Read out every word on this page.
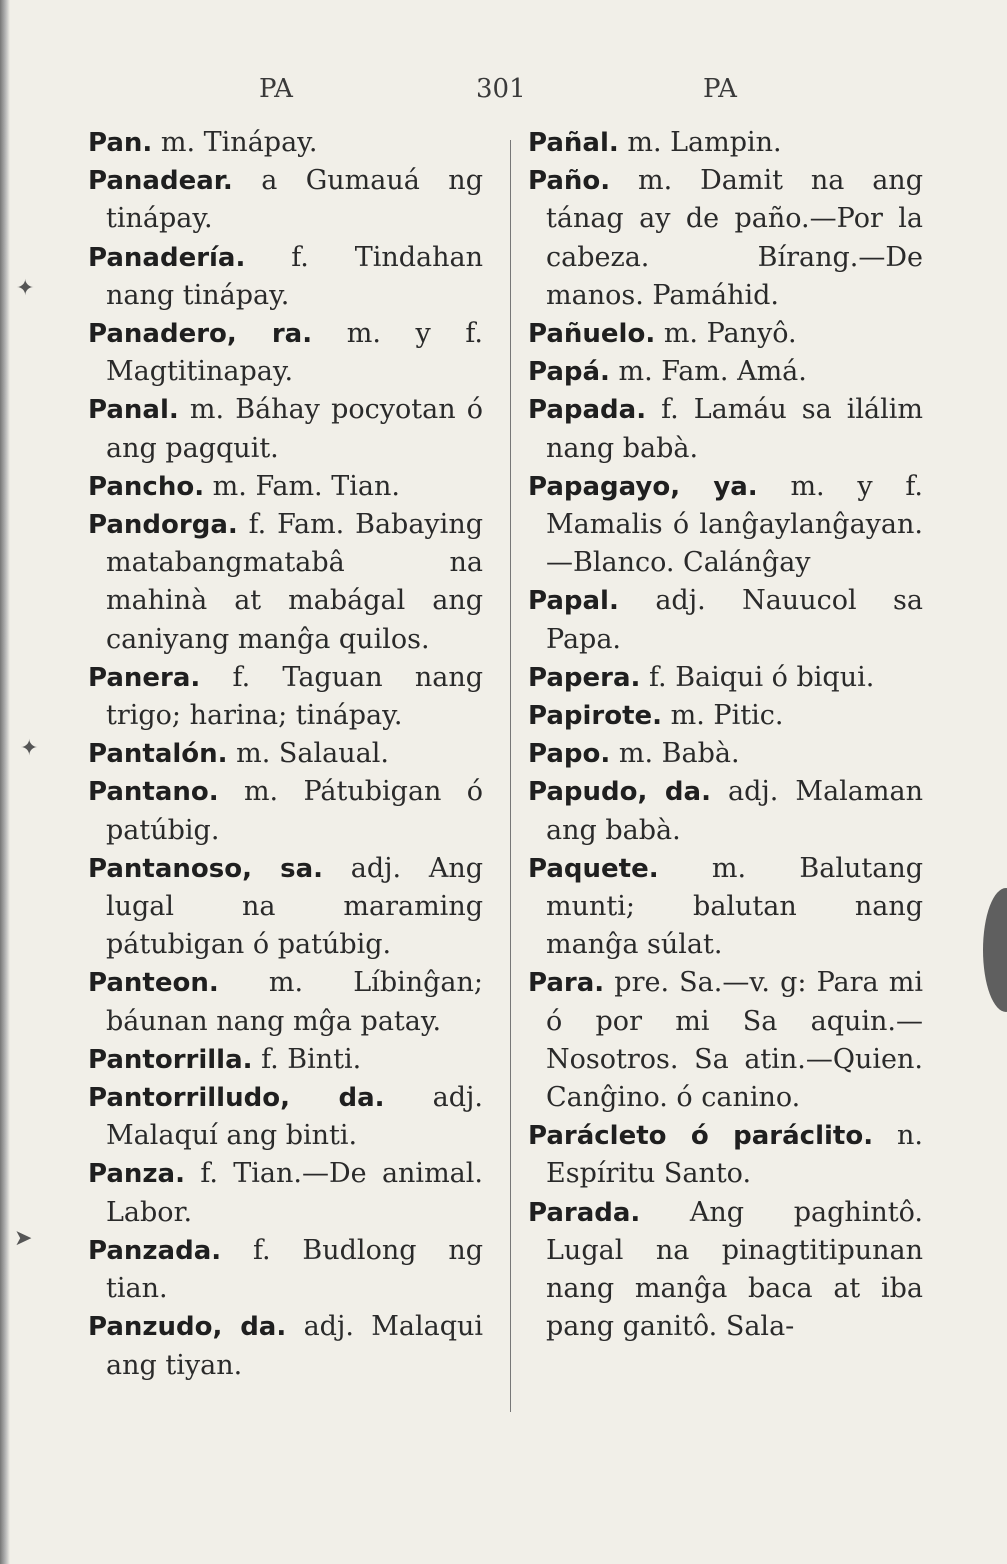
✦
✦
➤
PA	301	PA

Pan. m. Tinápay.

Panadear. a Gumauá ng tinápay.

Panadería. f. Tindahan nang tinápay.

Panadero, ra. m. y f. Magtitinapay.

Panal. m. Báhay pocyotan ó ang pagquit.

Pancho. m. Fam. Tian.

Pandorga. f. Fam. Babaying matabangmatabâ na mahinà at mabágal ang caniyang manĝa quilos.

Panera. f. Taguan nang trigo; harina; tinápay.

Pantalón. m. Salaual.

Pantano. m. Pátubigan ó patúbig.

Pantanoso, sa. adj. Ang lugal na maraming pátubigan ó patúbig.

Panteon. m. Líbinĝan; báunan nang mĝa patay.

Pantorrilla. f. Binti.

Pantorrilludo, da. adj. Malaquí ang binti.

Panza. f. Tian.—De animal. Labor.

Panzada. f. Budlong ng tian.

Panzudo, da. adj. Malaqui ang tiyan.

Pañal. m. Lampin.

Paño. m. Damit na ang tánag ay de paño.—Por la cabeza. Bírang.—De manos. Pamáhid.

Pañuelo. m. Panyô.

Papá. m. Fam. Amá.

Papada. f. Lamáu sa ilálim nang babà.

Papagayo, ya. m. y f. Mamalis ó lanĝaylanĝayan.—Blanco. Calánĝay

Papal. adj. Nauucol sa Papa.

Papera. f. Baiqui ó biqui.

Papirote. m. Pitic.

Papo. m. Babà.

Papudo, da. adj. Malaman ang babà.

Paquete. m. Balutang munti; balutan nang manĝa súlat.

Para. pre. Sa.—v. g: Para mi ó por mi Sa aquin.—Nosotros. Sa atin.—Quien. Canĝino. ó canino.

Parácleto ó paráclito. n. Espíritu Santo.

Parada. Ang paghintô. Lugal na pinagtitipunan nang manĝa baca at iba pang ganitô. Sala-
